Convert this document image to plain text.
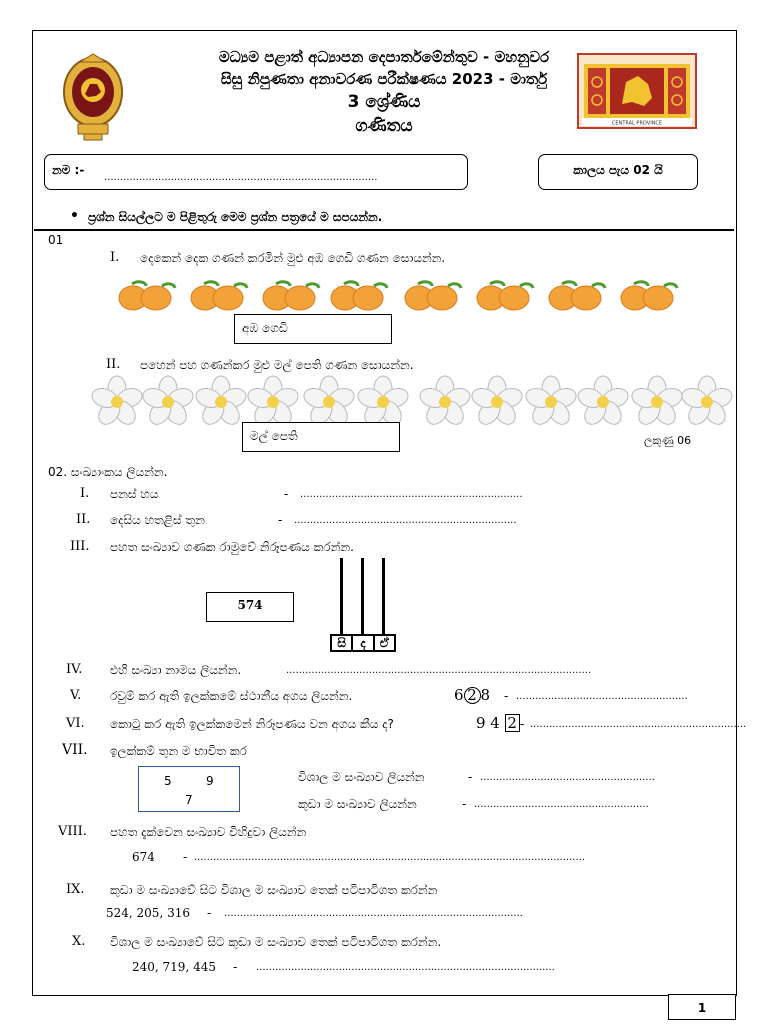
CENTRAL PROVINCE
මධ්‍යම පළාත් අධ්‍යාපන දෙපාර්තමේන්තුව - මහනුවර
සිසු නිපුණතා අනාවරණ පරීක්ෂණය 2023 - මාර්තු
3 ශ්‍රේණිය
ගණිතය
නම :-
......................................................................................
කාලය පැය 02 යි
• ප්‍රශ්න සියල්ලට ම පිළිතුරු මෙම ප්‍රශ්න පත්‍රයේ ම සපයන්න.
01
I. දෙකෙන් දෙක ගණන් කරමින් මුළු අඹ ගෙඩි ගණන සොයන්න.
අඹ ගෙඩි
II. පහෙන් පහ ගණන්කර මුළු මල් පෙති ගණන සොයන්න.
මල් පෙති	ලකුණු 06
02. සංඛ්‍යාංකය ලියන්න.
I. පනස් හය	- ......................................................................
II. දෙසිය හතළිස් තුන	- ......................................................................
III. පහත සංඛ්‍යාව ගණක රාමුවේ නිරූපණය කරන්න.
574
සි	ද	ඒ
IV. එහි සංඛ්‍යා නාමය ලියන්න.	................................................................................................
V. රවුම් කර ඇති ඉලක්කමේ ස්ථානීය අගය ලියන්න.	6 2 8 - ......................................................
VI. කොටු කර ඇති ඉලක්කමෙන් නිරූපණය වන අගය කීය ද?	9 4 2 - ....................................................................
VII. ඉලක්කම් තුන ම භාවිත කර
5	9
7
විශාල ම සංඛ්‍යාව ලියන්න	- .......................................................
කුඩා ම සංඛ්‍යාව ලියන්න	- .......................................................
VIII. පහත දැක්වෙන සංඛ්‍යාව විහිදුවා ලියන්න
674 - ...........................................................................................................................
IX. කුඩා ම සංඛ්‍යාවේ සිට විශාල ම සංඛ්‍යාව තෙක් පටිපාටිගත කරන්න
524, 205, 316 - ..............................................................................................
X. විශාල ම සංඛ්‍යාවේ සිට කුඩා ම සංඛ්‍යාව තෙක් පටිපාටිගත කරන්න.
240, 719, 445 - ..............................................................................................
1
